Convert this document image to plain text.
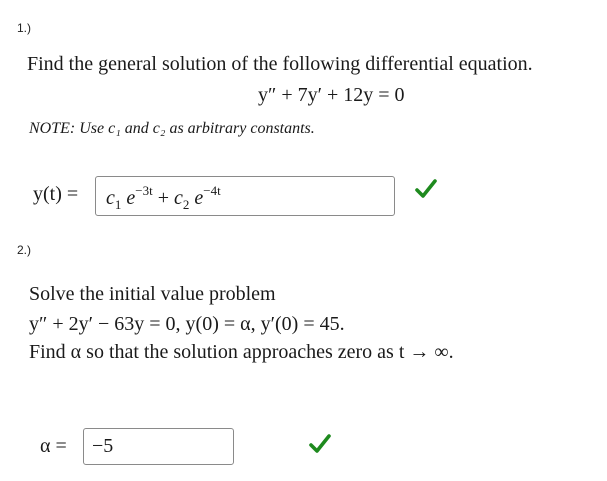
1.)
Find the general solution of the following differential equation.
y″ + 7y′ + 12y = 0
NOTE: Use c₁ and c₂ as arbitrary constants.
$y(t) = c_1$ $e^{-3t} + c_2$ $e^{-4t}$
2.)
Solve the initial value problem
y″ + 2y′ − 63y = 0, y(0) = α, y′(0) = 45.
Find α so that the solution approaches zero as t → ∞.
α = −5
